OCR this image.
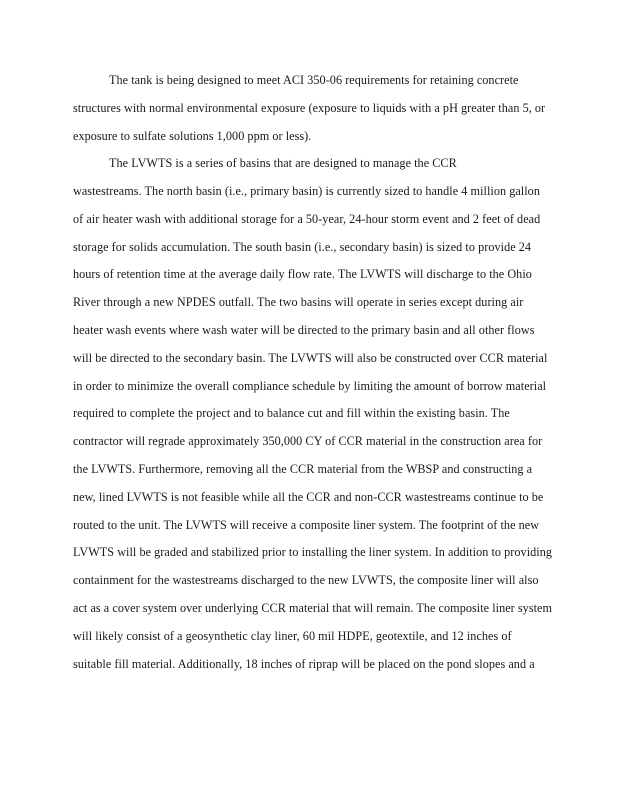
The tank is being designed to meet ACI 350-06 requirements for retaining concrete
structures with normal environmental exposure (exposure to liquids with a pH greater than 5, or
exposure to sulfate solutions 1,000 ppm or less).
The LVWTS is a series of basins that are designed to manage the CCR
wastestreams. The north basin (i.e., primary basin) is currently sized to handle 4 million gallon
of air heater wash with additional storage for a 50-year, 24-hour storm event and 2 feet of dead
storage for solids accumulation. The south basin (i.e., secondary basin) is sized to provide 24
hours of retention time at the average daily flow rate. The LVWTS will discharge to the Ohio
River through a new NPDES outfall. The two basins will operate in series except during air
heater wash events where wash water will be directed to the primary basin and all other flows
will be directed to the secondary basin. The LVWTS will also be constructed over CCR material
in order to minimize the overall compliance schedule by limiting the amount of borrow material
required to complete the project and to balance cut and fill within the existing basin. The
contractor will regrade approximately 350,000 CY of CCR material in the construction area for
the LVWTS. Furthermore, removing all the CCR material from the WBSP and constructing a
new, lined LVWTS is not feasible while all the CCR and non-CCR wastestreams continue to be
routed to the unit. The LVWTS will receive a composite liner system. The footprint of the new
LVWTS will be graded and stabilized prior to installing the liner system. In addition to providing
containment for the wastestreams discharged to the new LVWTS, the composite liner will also
act as a cover system over underlying CCR material that will remain. The composite liner system
will likely consist of a geosynthetic clay liner, 60 mil HDPE, geotextile, and 12 inches of
suitable fill material. Additionally, 18 inches of riprap will be placed on the pond slopes and a
